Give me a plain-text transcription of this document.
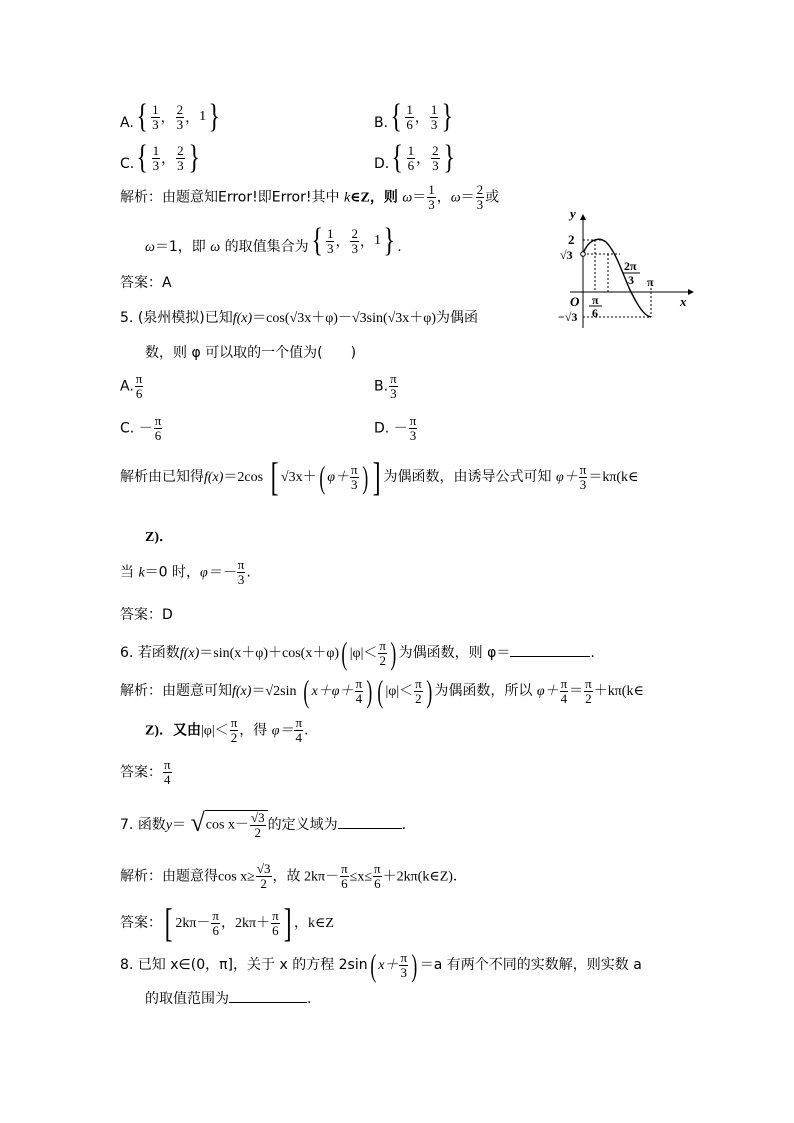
A. { $\frac{1}{3}$ ， $\frac{2}{3}$ ， 1 }	B. { $\frac{1}{6}$ ， $\frac{1}{3}$ }
C. { $\frac{1}{3}$ ， $\frac{2}{3}$ }	D. { $\frac{1}{6}$ ， $\frac{2}{3}$ }
解析：由题意知Error!即Error!其中 k∈Z，则 $\omega= \frac{1}{3}$ ，$\omega= \frac{2}{3}$ 或
ω＝1，即 ω 的取值集合为 { $\frac{1}{3}$ ， $\frac{2}{3}$ ， 1 } .
答案：A
y
x
O
2
√3
−√3
π
6
2π
3 π
5. (泉州模拟)已知f(x)＝cos(√3x＋φ)－√3sin(√3x＋φ)为偶函
数，则 φ 可以取的一个值为(　　)
A. $\frac{\pi}{6}$	B. $\frac{\pi}{3}$
C. － $\frac{\pi}{6}$	D. － $\frac{\pi}{3}$
解析由已知得f(x)＝2cos [ √3x＋( $\varphi+ \frac{\pi}{3}$ ) ] 为偶函数，由诱导公式可知 $\varphi+ \frac{\pi}{3}$ ＝kπ(k∈
Z)．
当 k＝0 时，$\varphi=- \frac{\pi}{3}$ .
答案：D
6. 若函数f(x)＝sin(x＋φ)＋cos(x＋φ)( $|\varphi|< \frac{\pi}{2}$ ) 为偶函数，则 φ＝	.
解析：由题意可知f(x)＝√2sin ( $x+\varphi+ \frac{\pi}{4}$ ) ( $|\varphi|< \frac{\pi}{2}$ ) 为偶函数，所以 $\varphi+ \frac{\pi}{4} = \frac{\pi}{2}$ ＋kπ(k∈
Z)．又由$|\varphi|< \frac{\pi}{2}$ ，得 $\varphi= \frac{\pi}{4}$ .
答案： $\frac{\pi}{4}$
7. 函数y＝ √ $\cos x- \frac{√3}{2}$ 的定义域为	.
解析：由题意得$\cos x\ge \frac{√3}{2}$ ，故 $2k\pi- \frac{\pi}{6} \le x\le \frac{\pi}{6}$ ＋2kπ(k∈Z)．
答案：[ $2k\pi- \frac{\pi}{6}$ ，$2k\pi+ \frac{\pi}{6}$ ] ，k∈Z
8. 已知 x∈(0，π]，关于 x 的方程 2sin( $x+ \frac{\pi}{3}$ ) ＝a 有两个不同的实数解，则实数 a
的取值范围为	.
